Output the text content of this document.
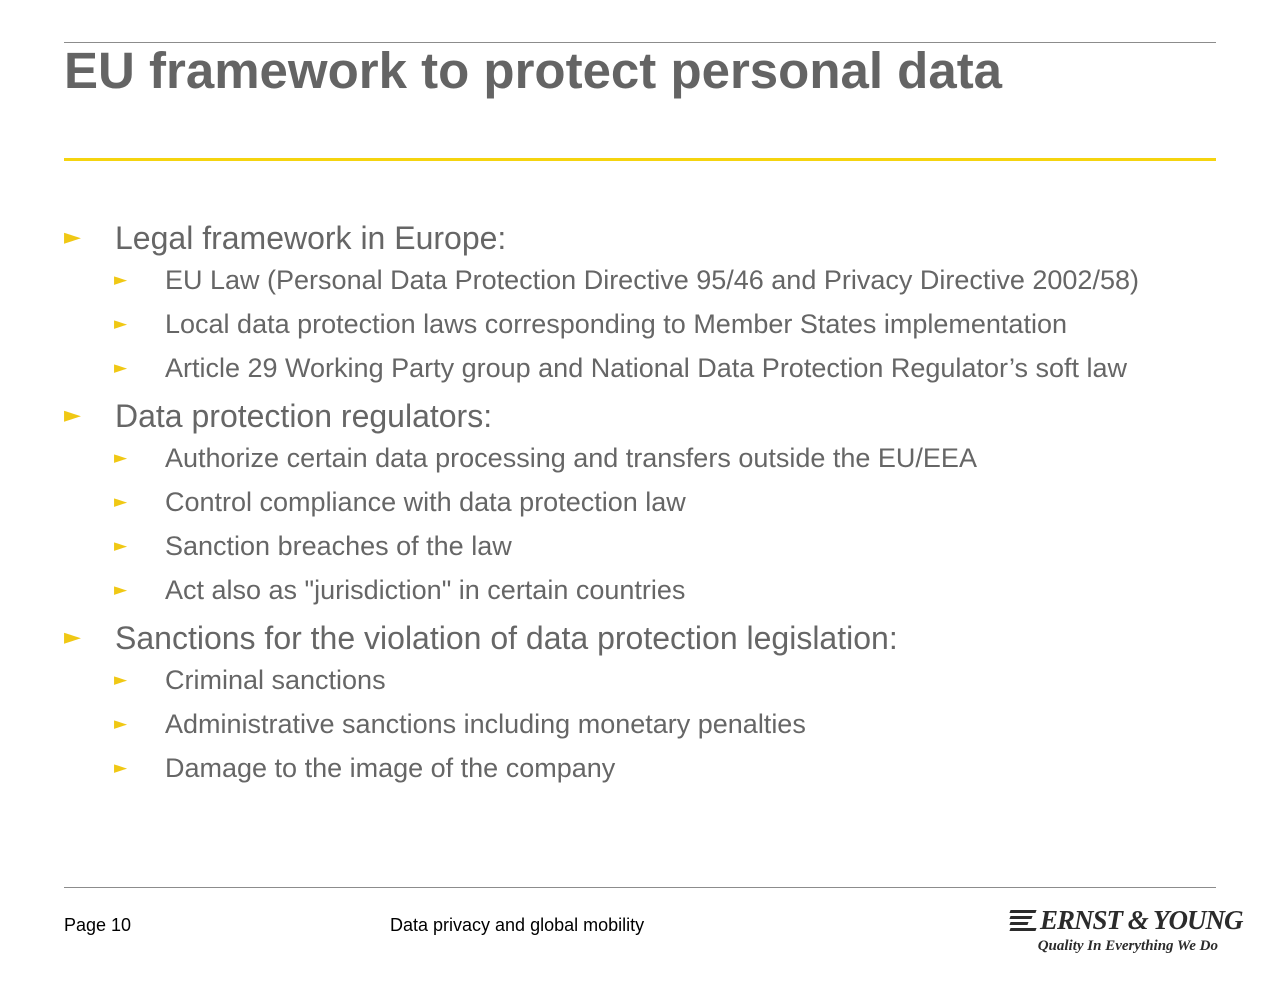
EU framework to protect personal data
► Legal framework in Europe:
► EU Law (Personal Data Protection Directive 95/46 and Privacy Directive 2002/58)
► Local data protection laws corresponding to Member States implementation
► Article 29 Working Party group and National Data Protection Regulator’s soft law
► Data protection regulators:
► Authorize certain data processing and transfers outside the EU/EEA
► Control compliance with data protection law
► Sanction breaches of the law
► Act also as "jurisdiction" in certain countries
► Sanctions for the violation of data protection legislation:
► Criminal sanctions
► Administrative sanctions including monetary penalties
► Damage to the image of the company
Page 10	Data privacy and global mobility	ERNST & YOUNG
Quality In Everything We Do
